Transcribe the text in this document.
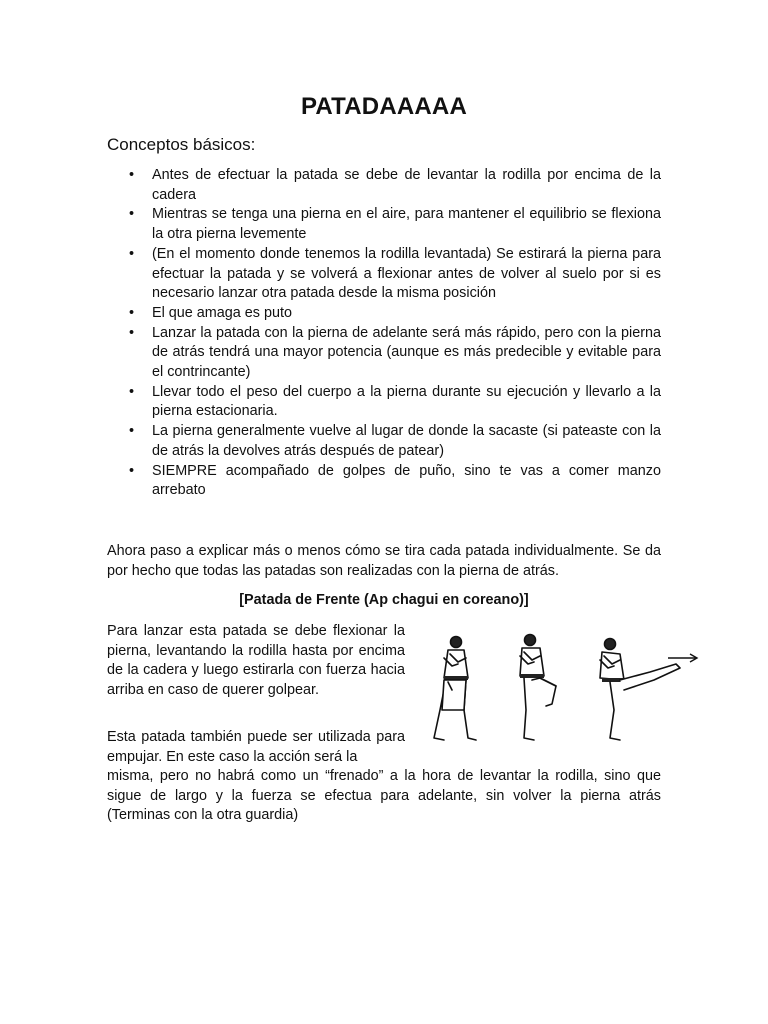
PATADAAAAA
Conceptos básicos:
• Antes de efectuar la patada se debe de levantar la rodilla por encima de la cadera
• Mientras se tenga una pierna en el aire, para mantener el equilibrio se flexiona la otra pierna levemente
• (En el momento donde tenemos la rodilla levantada) Se estirará la pierna para efectuar la patada y se volverá a flexionar antes de volver al suelo por si es necesario lanzar otra patada desde la misma posición
• El que amaga es puto
• Lanzar la patada con la pierna de adelante será más rápido, pero con la pierna de atrás tendrá una mayor potencia (aunque es más predecible y evitable para el contrincante)
• Llevar todo el peso del cuerpo a la pierna durante su ejecución y llevarlo a la pierna estacionaria.
• La pierna generalmente vuelve al lugar de donde la sacaste (si pateaste con la de atrás la devolves atrás después de patear)
• SIEMPRE acompañado de golpes de puño, sino te vas a comer manzo arrebato

Ahora paso a explicar más o menos cómo se tira cada patada individualmente. Se da por hecho que todas las patadas son realizadas con la pierna de atrás.

[Patada de Frente (Ap chagui en coreano)]

Para lanzar esta patada se debe flexionar la pierna, levantando la rodilla hasta por encima de la cadera y luego estirarla con fuerza hacia arriba en caso de querer golpear.

Esta patada también puede ser utilizada para empujar. En este caso la acción será la

misma, pero no habrá como un “frenado” a la hora de levantar la rodilla, sino que sigue de largo y la fuerza se efectua para adelante, sin volver la pierna atrás (Terminas con la otra guardia)
